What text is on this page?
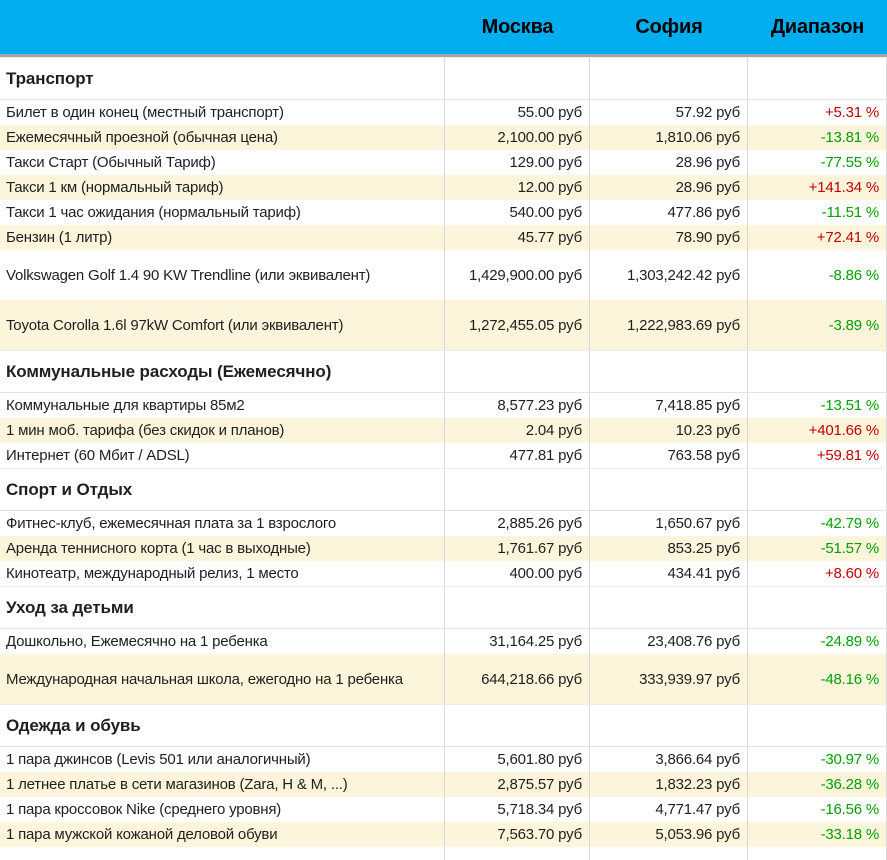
Москва	София	Диапазон
Транспорт
Билет в один конец (местный транспорт)	55.00 руб	57.92 руб	+5.31 %
Ежемесячный проезной (обычная цена)	2,100.00 руб	1,810.06 руб	-13.81 %
Такси Старт (Обычный Тариф)	129.00 руб	28.96 руб	-77.55 %
Такси 1 км (нормальный тариф)	12.00 руб	28.96 руб	+141.34 %
Такси 1 час ожидания (нормальный тариф)	540.00 руб	477.86 руб	-11.51 %
Бензин (1 литр)	45.77 руб	78.90 руб	+72.41 %
Volkswagen Golf 1.4 90 KW Trendline (или эквивалент)	1,429,900.00 руб	1,303,242.42 руб	-8.86 %
Toyota Corolla 1.6l 97kW Comfort (или эквивалент)	1,272,455.05 руб	1,222,983.69 руб	-3.89 %
Коммунальные расходы (Ежемесячно)
Коммунальные для квартиры 85м2	8,577.23 руб	7,418.85 руб	-13.51 %
1 мин моб. тарифа (без скидок и планов)	2.04 руб	10.23 руб	+401.66 %
Интернет (60 Мбит / ADSL)	477.81 руб	763.58 руб	+59.81 %
Спорт и Отдых
Фитнес-клуб, ежемесячная плата за 1 взрослого	2,885.26 руб	1,650.67 руб	-42.79 %
Аренда теннисного корта (1 час в выходные)	1,761.67 руб	853.25 руб	-51.57 %
Кинотеатр, международный релиз, 1 место	400.00 руб	434.41 руб	+8.60 %
Уход за детьми
Дошкольно, Ежемесячно на 1 ребенка	31,164.25 руб	23,408.76 руб	-24.89 %
Международная начальная школа, ежегодно на 1 ребенка	644,218.66 руб	333,939.97 руб	-48.16 %
Одежда и обувь
1 пара джинсов (Levis 501 или аналогичный)	5,601.80 руб	3,866.64 руб	-30.97 %
1 летнее платье в сети магазинов (Zara, H & M, ...)	2,875.57 руб	1,832.23 руб	-36.28 %
1 пара кроссовок Nike (среднего уровня)	5,718.34 руб	4,771.47 руб	-16.56 %
1 пара мужской кожаной деловой обуви	7,563.70 руб	5,053.96 руб	-33.18 %
